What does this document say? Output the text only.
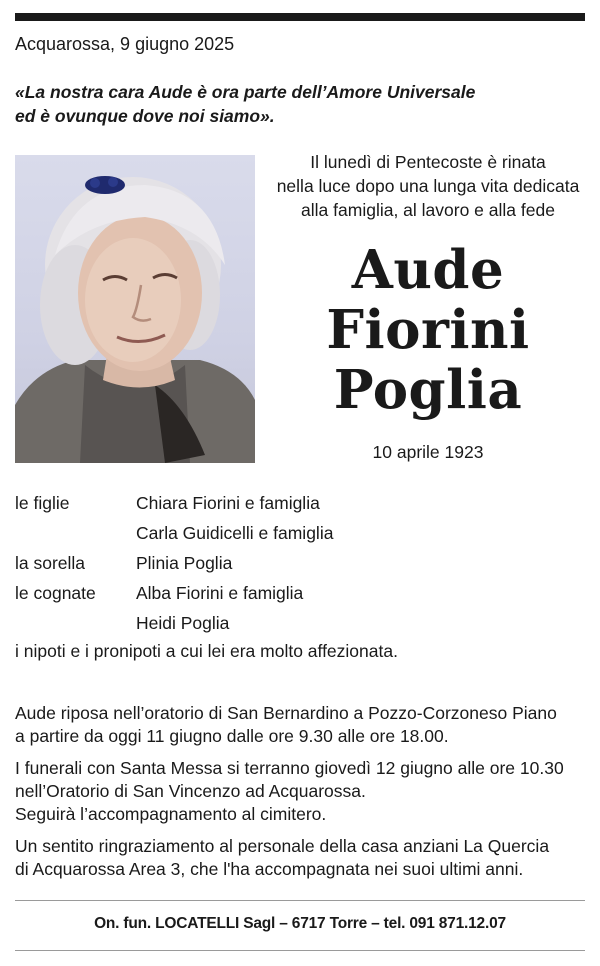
Acquarossa, 9 giugno 2025
«La nostra cara Aude è ora parte dell’Amore Universale
ed è ovunque dove noi siamo».
Il lunedì di Pentecoste è rinata
nella luce dopo una lunga vita dedicata
alla famiglia, al lavoro e alla fede
Aude
Fiorini
Poglia
10 aprile 1923
le figlie	Chiara Fiorini e famiglia
Carla Guidicelli e famiglia
la sorella	Plinia Poglia
le cognate	Alba Fiorini e famiglia
Heidi Poglia
i nipoti e i pronipoti a cui lei era molto affezionata.

Aude riposa nell’oratorio di San Bernardino a Pozzo-Corzoneso Piano
a partire da oggi 11 giugno dalle ore 9.30 alle ore 18.00.

I funerali con Santa Messa si terranno giovedì 12 giugno alle ore 10.30
nell’Oratorio di San Vincenzo ad Acquarossa.
Seguirà l’accompagnamento al cimitero.

Un sentito ringraziamento al personale della casa anziani La Quercia
di Acquarossa Area 3, che l'ha accompagnata nei suoi ultimi anni.

On. fun. LOCATELLI Sagl – 6717 Torre – tel. 091 871.12.07
